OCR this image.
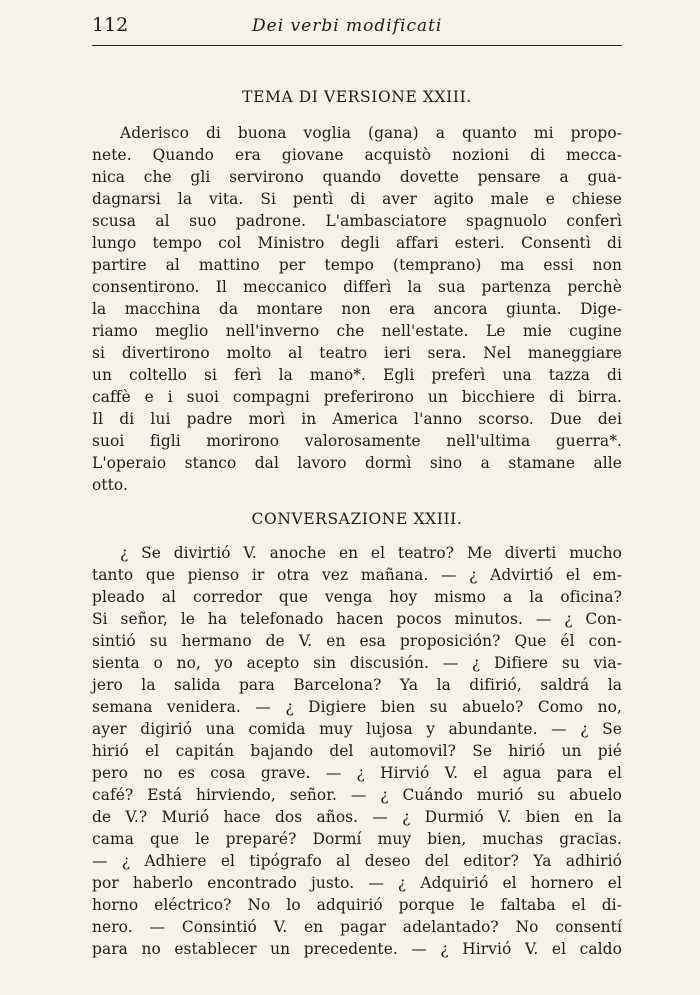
112	Dei verbi modificati
TEMA DI VERSIONE XXIII.
Aderisco di buona voglia (gana) a quanto mi propo-
nete. Quando era giovane acquistò nozioni di mecca-
nica che gli servirono quando dovette pensare a gua-
dagnarsi la vita. Si pentì di aver agito male e chiese
scusa al suo padrone. L'ambasciatore spagnuolo conferì
lungo tempo col Ministro degli affari esteri. Consentì di
partire al mattino per tempo (temprano) ma essi non
consentirono. Il meccanico differì la sua partenza perchè
la macchina da montare non era ancora giunta. Dige-
riamo meglio nell'inverno che nell'estate. Le mie cugine
si divertirono molto al teatro ieri sera. Nel maneggiare
un coltello si ferì la mano*. Egli preferì una tazza di
caffè e i suoi compagni preferirono un bicchiere di birra.
Il di lui padre morì in America l'anno scorso. Due dei
suoi figli morirono valorosamente nell'ultima guerra*.
L'operaio stanco dal lavoro dormì sino a stamane alle
otto.
CONVERSAZIONE XXIII.
¿ Se divirtió V. anoche en el teatro? Me diverti mucho
tanto que pienso ir otra vez mañana. — ¿ Advirtió el em-
pleado al corredor que venga hoy mismo a la oficina?
Si señor, le ha telefonado hacen pocos minutos. — ¿ Con-
sintió su hermano de V. en esa proposición? Que él con-
sienta o no, yo acepto sin discusión. — ¿ Difiere su via-
jero la salida para Barcelona? Ya la difirió, saldrá la
semana venidera. — ¿ Digiere bien su abuelo? Como no,
ayer digirió una comida muy lujosa y abundante. — ¿ Se
hirió el capitán bajando del automovil? Se hirió un pié
pero no es cosa grave. — ¿ Hirvió V. el agua para el
café? Está hirviendo, señor. — ¿ Cuándo murió su abuelo
de V.? Murió hace dos años. — ¿ Durmió V. bien en la
cama que le preparé? Dormí muy bien, muchas gracias.
— ¿ Adhiere el tipógrafo al deseo del editor? Ya adhirió
por haberlo encontrado justo. — ¿ Adquirió el hornero el
horno eléctrico? No lo adquirió porque le faltaba el di-
nero. — Consintió V. en pagar adelantado? No consentí
para no establecer un precedente. — ¿ Hirvió V. el caldo
